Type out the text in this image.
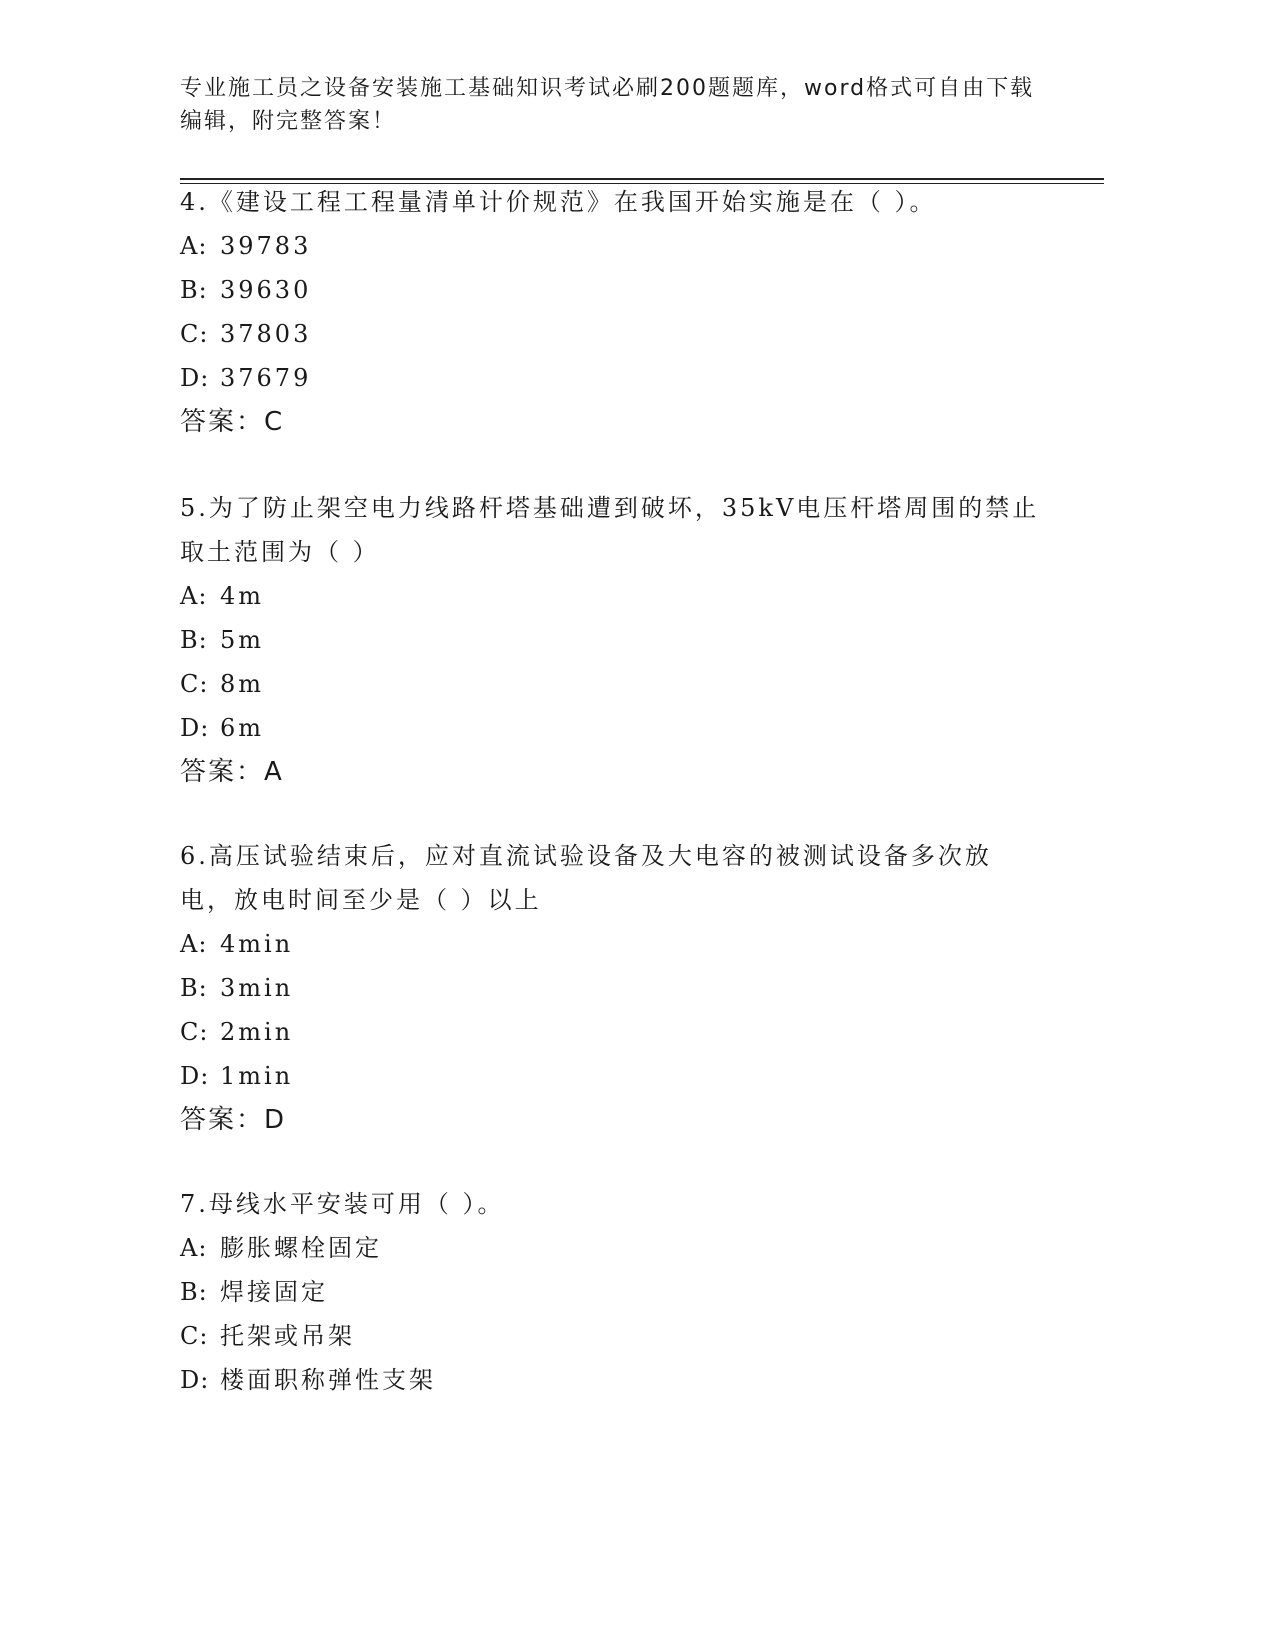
专业施工员之设备安装施工基础知识考试必刷200题题库，word格式可自由下载
编辑，附完整答案！
4.《建设工程工程量清单计价规范》在我国开始实施是在（ ）。
A: 39783
B: 39630
C: 37803
D: 37679
答案：C
5.为了防止架空电力线路杆塔基础遭到破坏，35kV电压杆塔周围的禁止取土范围为（ ）
A: 4m
B: 5m
C: 8m
D: 6m
答案：A
6.高压试验结束后，应对直流试验设备及大电容的被测试设备多次放电，放电时间至少是（ ）以上
A: 4min
B: 3min
C: 2min
D: 1min
答案：D
7.母线水平安装可用（ ）。
A: 膨胀螺栓固定
B: 焊接固定
C: 托架或吊架
D: 楼面职称弹性支架
